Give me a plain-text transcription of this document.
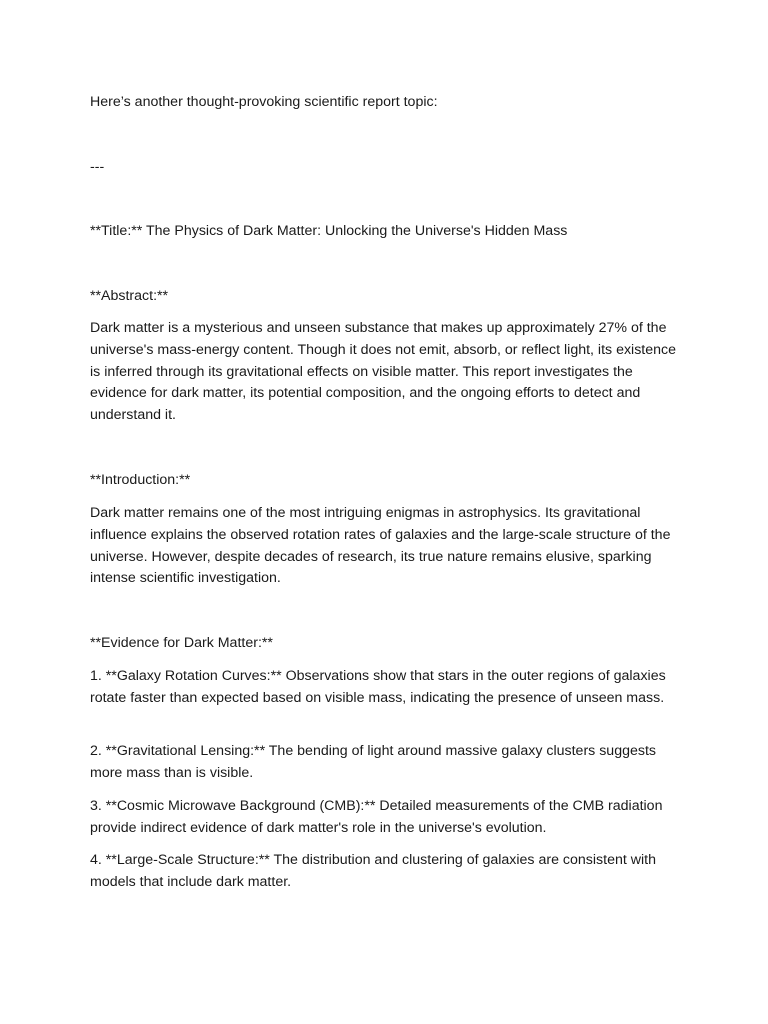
Here’s another thought-provoking scientific report topic:

---

**Title:** The Physics of Dark Matter: Unlocking the Universe's Hidden Mass

**Abstract:**

Dark matter is a mysterious and unseen substance that makes up approximately 27% of the universe's mass-energy content. Though it does not emit, absorb, or reflect light, its existence is inferred through its gravitational effects on visible matter. This report investigates the evidence for dark matter, its potential composition, and the ongoing efforts to detect and understand it.

**Introduction:**

Dark matter remains one of the most intriguing enigmas in astrophysics. Its gravitational influence explains the observed rotation rates of galaxies and the large-scale structure of the universe. However, despite decades of research, its true nature remains elusive, sparking intense scientific investigation.

**Evidence for Dark Matter:**

1. **Galaxy Rotation Curves:** Observations show that stars in the outer regions of galaxies rotate faster than expected based on visible mass, indicating the presence of unseen mass.

2. **Gravitational Lensing:** The bending of light around massive galaxy clusters suggests more mass than is visible.

3. **Cosmic Microwave Background (CMB):** Detailed measurements of the CMB radiation provide indirect evidence of dark matter's role in the universe's evolution.

4. **Large-Scale Structure:** The distribution and clustering of galaxies are consistent with models that include dark matter.
